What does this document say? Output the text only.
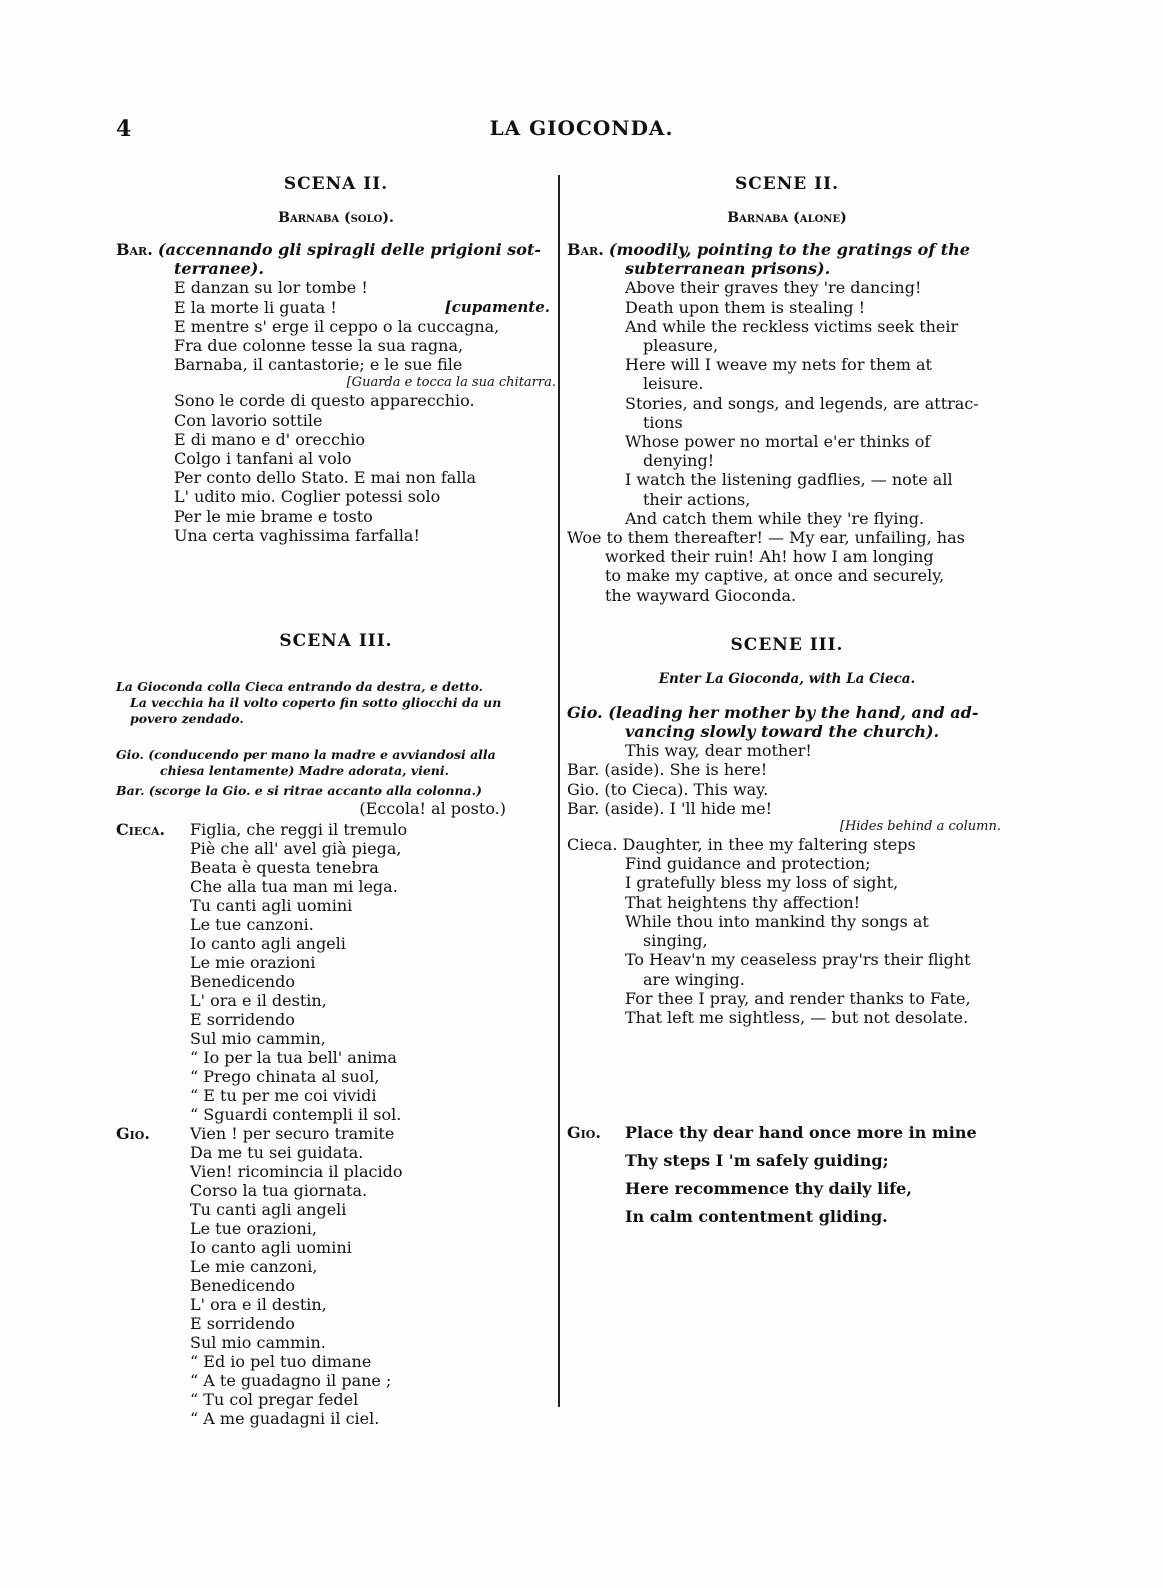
4	LA GIOCONDA.
SCENA II.
Barnaba (solo).
Bar. (accennando gli spiragli delle prigioni sot-
terranee).
E danzan su lor tombe !
E la morte li guata !	[cupamente.
E mentre s' erge il ceppo o la cuccagna,
Fra due colonne tesse la sua ragna,
Barnaba, il cantastorie; e le sue file
[Guarda e tocca la sua chitarra.
Sono le corde di questo apparecchio.
Con lavorio sottile
E di mano e d' orecchio
Colgo i tanfani al volo
Per conto dello Stato. E mai non falla
L' udito mio. Coglier potessi solo
Per le mie brame e tosto
Una certa vaghissima farfalla!
SCENA III.
La Gioconda colla Cieca entrando da destra, e detto.
La vecchia ha il volto coperto fin sotto gliocchi da un
povero zendado.
Gio. (conducendo per mano la madre e avviandosi alla
chiesa lentamente) Madre adorata, vieni.
Bar. (scorge la Gio. e si ritrae accanto alla colonna.)
(Eccola! al posto.)
Cieca. Figlia, che reggi il tremulo
Piè che all' avel già piega,
Beata è questa tenebra
Che alla tua man mi lega.
Tu canti agli uomini
Le tue canzoni.
Io canto agli angeli
Le mie orazioni
Benedicendo
L' ora e il destin,
E sorridendo
Sul mio cammin,
“ Io per la tua bell' anima
“ Prego chinata al suol,
“ E tu per me coi vividi
“ Sguardi contempli il sol.
Gio.	Vien ! per securo tramite
Da me tu sei guidata.
Vien! ricomincia il placido
Corso la tua giornata.
Tu canti agli angeli
Le tue orazioni,
Io canto agli uomini
Le mie canzoni,
Benedicendo
L' ora e il destin,
E sorridendo
Sul mio cammin.
“ Ed io pel tuo dimane
“ A te guadagno il pane ;
“ Tu col pregar fedel
“ A me guadagni il ciel.
SCENE II.
Barnaba (alone)
Bar. (moodily, pointing to the gratings of the
subterranean prisons).
Above their graves they 're dancing!
Death upon them is stealing !
And while the reckless victims seek their
pleasure,
Here will I weave my nets for them at
leisure.
Stories, and songs, and legends, are attrac-
tions
Whose power no mortal e'er thinks of
denying!
I watch the listening gadflies, — note all
their actions,
And catch them while they 're flying.
Woe to them thereafter! — My ear, unfailing, has
worked their ruin! Ah! how I am longing
to make my captive, at once and securely,
the wayward Gioconda.
SCENE III.
Enter La Gioconda, with La Cieca.
Gio. (leading her mother by the hand, and ad-
vancing slowly toward the church).
This way, dear mother!
Bar. (aside). She is here!
Gio. (to Cieca). This way.
Bar. (aside). I 'll hide me!
[Hides behind a column.
Cieca. Daughter, in thee my faltering steps
Find guidance and protection;
I gratefully bless my loss of sight,
That heightens thy affection!
While thou into mankind thy songs at
singing,
To Heav'n my ceaseless pray'rs their flight
are winging.
For thee I pray, and render thanks to Fate,
That left me sightless, — but not desolate.
Gio. Place thy dear hand once more in mine
Thy steps I 'm safely guiding;
Here recommence thy daily life,
In calm contentment gliding.
